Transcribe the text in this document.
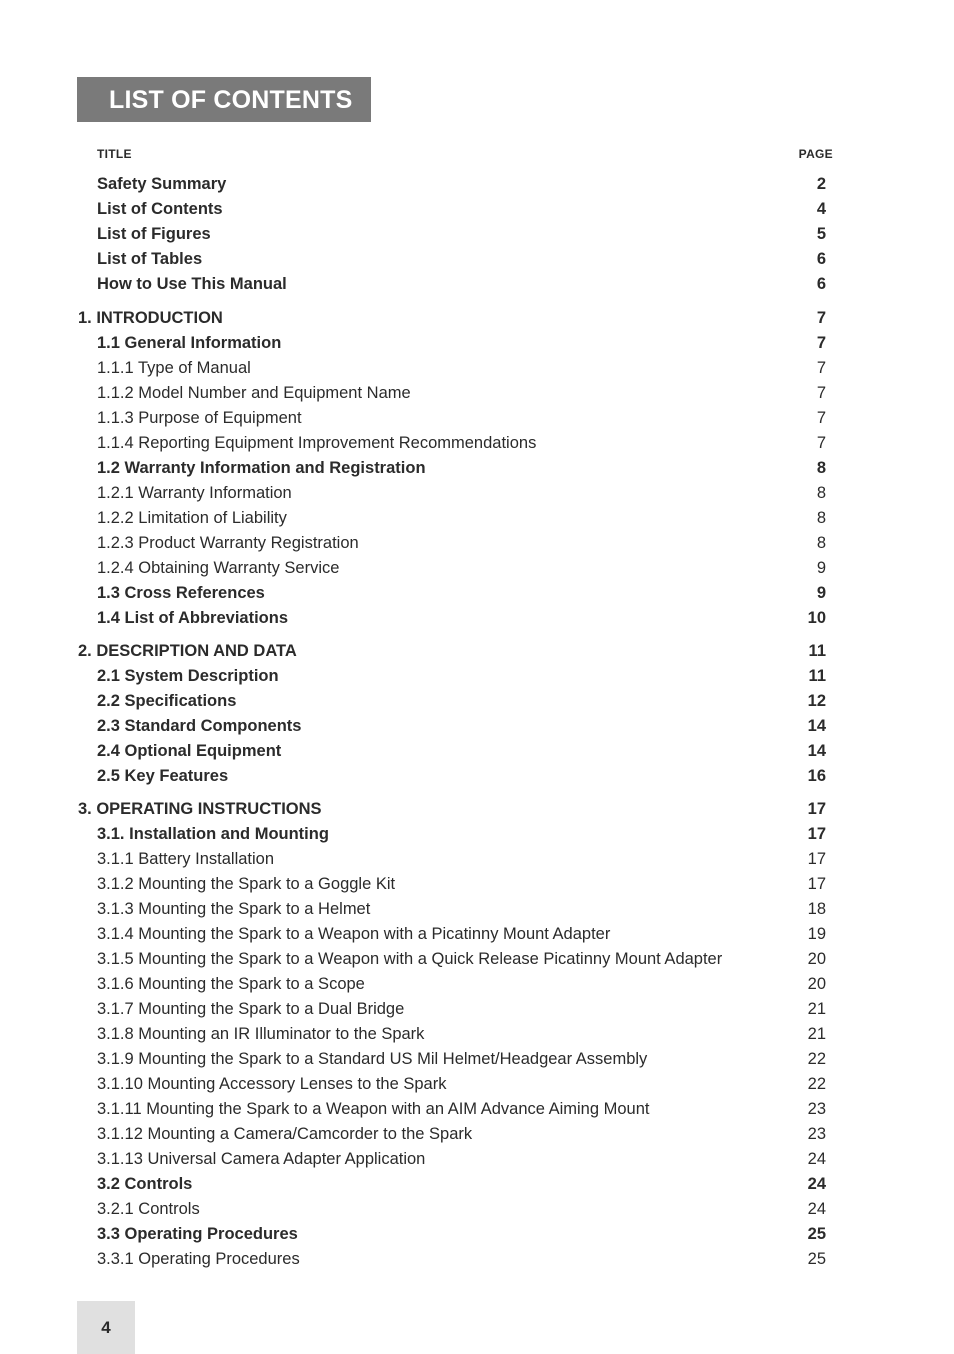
LIST OF CONTENTS
TITLE	PAGE
Safety Summary	2
List of Contents	4
List of Figures	5
List of Tables	6
How to Use This Manual	6
1. INTRODUCTION	7
1.1 General Information	7
1.1.1 Type of Manual	7
1.1.2 Model Number and Equipment Name	7
1.1.3 Purpose of Equipment	7
1.1.4 Reporting Equipment Improvement Recommendations	7
1.2 Warranty Information and Registration	8
1.2.1 Warranty Information	8
1.2.2 Limitation of Liability	8
1.2.3 Product Warranty Registration	8
1.2.4 Obtaining Warranty Service	9
1.3 Cross References	9
1.4 List of Abbreviations	10
2. DESCRIPTION AND DATA	11
2.1 System Description	11
2.2 Specifications	12
2.3 Standard Components	14
2.4 Optional Equipment	14
2.5 Key Features	16
3. OPERATING INSTRUCTIONS	17
3.1. Installation and Mounting	17
3.1.1 Battery Installation	17
3.1.2 Mounting the Spark to a Goggle Kit	17
3.1.3 Mounting the Spark to a Helmet	18
3.1.4 Mounting the Spark to a Weapon with a Picatinny Mount Adapter	19
3.1.5 Mounting the Spark to a Weapon with a Quick Release Picatinny Mount Adapter	20
3.1.6 Mounting the Spark to a Scope	20
3.1.7 Mounting the Spark to a Dual Bridge	21
3.1.8 Mounting an IR Illuminator to the Spark	21
3.1.9 Mounting the Spark to a Standard US Mil Helmet/Headgear Assembly	22
3.1.10 Mounting Accessory Lenses to the Spark	22
3.1.11 Mounting the Spark to a Weapon with an AIM Advance Aiming Mount	23
3.1.12 Mounting a Camera/Camcorder to the Spark	23
3.1.13 Universal Camera Adapter Application	24
3.2 Controls	24
3.2.1 Controls	24
3.3 Operating Procedures	25
3.3.1 Operating Procedures	25
4
